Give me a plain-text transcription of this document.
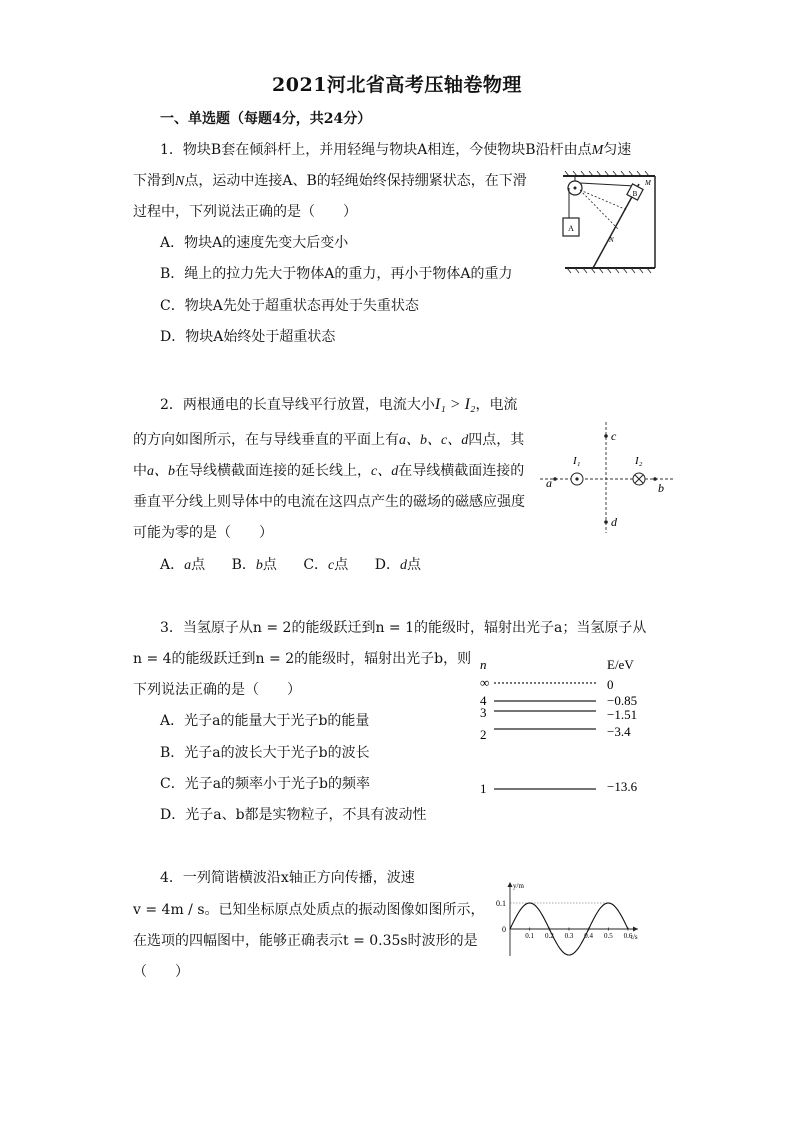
2021河北省高考压轴卷物理
一、单选题（每题4分，共24分）
1．物块B套在倾斜杆上，并用轻绳与物块A相连，今使物块B沿杆由点M匀速
下滑到N点，运动中连接A、B的轻绳始终保持绷紧状态，在下滑
过程中，下列说法正确的是（　　）
A．物块A的速度先变大后变小
B．绳上的拉力先大于物体A的重力，再小于物体A的重力
C．物块A先处于超重状态再处于失重状态
D．物块A始终处于超重状态
A
B
M
N
2．两根通电的长直导线平行放置，电流大小I₁ > I₂，电流
的方向如图所示，在与导线垂直的平面上有a、b、c、d四点，其
中a、b在导线横截面连接的延长线上，c、d在导线横截面连接的
垂直平分线上则导体中的电流在这四点产生的磁场的磁感应强度
可能为零的是（　　）
A．a点 B．b点 C．c点 D．d点
c
d
a	b
I₁	I₂
3．当氢原子从n = 2的能级跃迁到n = 1的能级时，辐射出光子a；当氢原子从
n = 4的能级跃迁到n = 2的能级时，辐射出光子b，则
下列说法正确的是（　　）
A．光子a的能量大于光子b的能量
B．光子a的波长大于光子b的波长
C．光子a的频率小于光子b的频率
D．光子a、b都是实物粒子，不具有波动性
n	E/eV
∞	0
4	−0.85
3	−1.51
2	−3.4
1	−13.6
4．一列简谐横波沿x轴正方向传播，波速
v = 4m / s。已知坐标原点处质点的振动图像如图所示，
在选项的四幅图中，能够正确表示t = 0.35s时波形的是
（　　）
y/m
t/s
0.1
0
0.1 0.2 0.3 0.4 0.5 0.6
